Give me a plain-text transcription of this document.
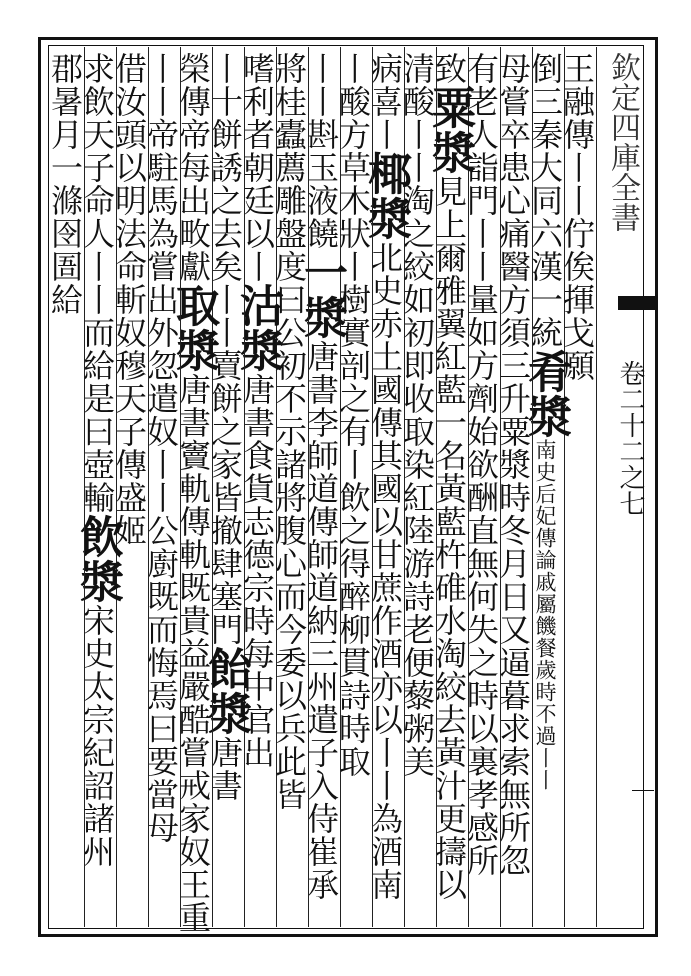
欽定四庫全書
卷二十二之七
王融傳丨丨佇俟揮戈願
倒三秦大同六漢一統肴漿南史后妃傳論戚屬饑餐歲時不過丨丨
母嘗卒患心痛醫方須三升粟漿時冬月日又逼暮求索無所忽
有老人詣門丨丨量如方劑始欲酬直無何失之時以裏孝感所
致粟漿見上爾雅翼紅藍一名黃藍杵碓水淘絞去黃汁更擣以
清酸丨丨淘之絞如初即收取染紅陸游詩老便藜粥美
病喜丨椰漿北史赤土國傳其國以甘蔗作酒亦以丨丨為酒南
丨酸方草木狀丨樹實剖之有丨飲之得醉柳貫詩時取
丨丨斟玉液饒一漿唐書李師道傳師道納三州遣子入侍崔承
將桂蠹薦雕盤度曰公初不示諸將腹心而今委以兵此皆
嗜利者朝廷以丨沽漿唐書食貨志德宗時每中官出
丨十餅誘之去矣丨丨賣餅之家皆撤肆塞門飴漿唐書
榮傳帝每出畋獻取漿唐書竇軌傳軌既貴益嚴酷嘗戒家奴王重
丨丨帝駐馬為嘗出外忽遣奴丨丨公廚既而悔焉曰要當母
借汝頭以明法命斬奴穆天子傳盛姬
求飲天子命人丨丨而給是曰壺輸飲漿宋史太宗紀詔諸州
郡暑月一滌囹圄給
